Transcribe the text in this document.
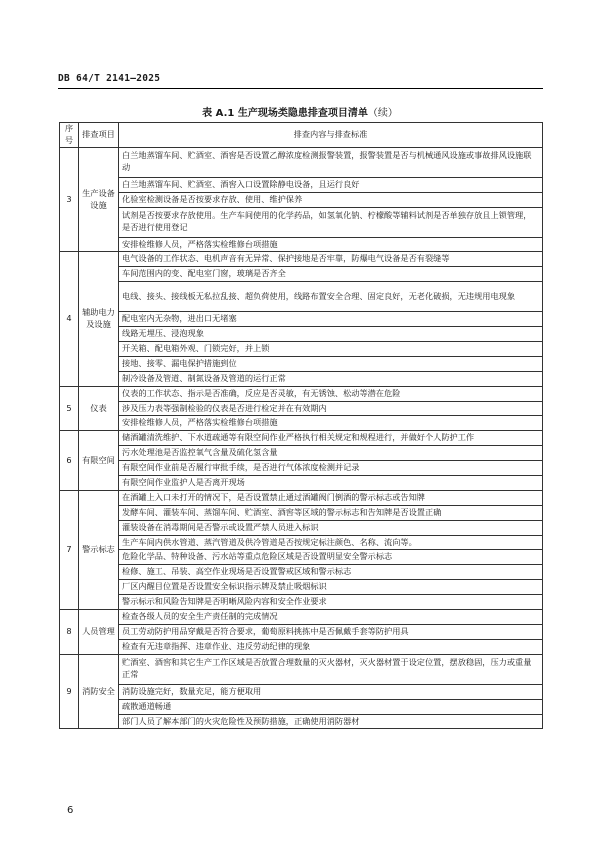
DB 64/T 2141—2025
表 A.1 生产现场类隐患排查项目清单（续）
序号	排查项目	排查内容与排查标准
3	生产设备设施	白兰地蒸馏车间、贮酒室、酒窖是否设置乙醇浓度检测报警装置，报警装置是否与机械通风设施或事故排风设施联动
		白兰地蒸馏车间、贮酒室、酒窖入口设置除静电设备，且运行良好
		化验室检测设备是否按要求存放、使用、维护保养
		试剂是否按要求存放使用。生产车间使用的化学药品，如氢氧化钠、柠檬酸等辅料试剂是否单独存放且上锁管理，是否进行使用登记
		安排检维修人员，严格落实检维修台项措施
4	辅助电力及设施	电气设备的工作状态、电机声音有无异常、保护接地是否牢靠，防爆电气设备是否有裂缝等
		车间范围内的变、配电室门窗，玻璃是否齐全
		电线、接头、接线板无私拉乱接、超负荷使用，线路布置安全合理、固定良好，无老化破损，无违规用电现象
		配电室内无杂物，进出口无堵塞
		线路无埋压、浸泡现象
		开关箱、配电箱外观、门锁完好，并上锁
		接地、接零、漏电保护措施到位
		制冷设备及管道、制氮设备及管道的运行正常
5	仪表	仪表的工作状态、指示是否准确，反应是否灵敏，有无锈蚀、松动等潜在危险
		涉及压力表等强制检验的仪表是否进行检定并在有效期内
		安排检维修人员，严格落实检维修台项措施
6	有限空间	储酒罐清洗维护、下水道疏通等有限空间作业严格执行相关规定和规程进行，并做好个人防护工作
		污水处理池是否监控氧气含量及硫化氢含量
		有限空间作业前是否履行审批手续，是否进行气体浓度检测并记录
		有限空间作业监护人是否离开现场
7	警示标志	在酒罐上入口未打开的情况下，是否设置禁止通过酒罐阀门倒酒的警示标志或告知牌
		发酵车间、灌装车间、蒸馏车间、贮酒室、酒窖等区域的警示标志和告知牌是否设置正确
		灌装设备在消毒期间是否警示或设置严禁人员进入标识
		生产车间内供水管道、蒸汽管道及供冷管道是否按规定标注颜色、名称、流向等。
		危险化学品、特种设备、污水站等重点危险区域是否设置明显安全警示标志
		检修、施工、吊装、高空作业现场是否设置警戒区域和警示标志
		厂区内醒目位置是否设置安全标识指示牌及禁止吸烟标识
		警示标示和风险告知牌是否明晰风险内容和安全作业要求
8	人员管理	检查各级人员的安全生产责任制的完成情况
		员工劳动防护用品穿戴是否符合要求，葡萄原料挑拣中是否佩戴手套等防护用具
		检查有无违章指挥、违章作业、违反劳动纪律的现象
9	消防安全	贮酒室、酒窖和其它生产工作区域是否放置合理数量的灭火器材，灭火器材置于设定位置，摆放稳固，压力或重量正常
		消防设施完好，数量充足，能方便取用
		疏散通道畅通
		部门人员了解本部门的火灾危险性及预防措施，正确使用消防器材
6
